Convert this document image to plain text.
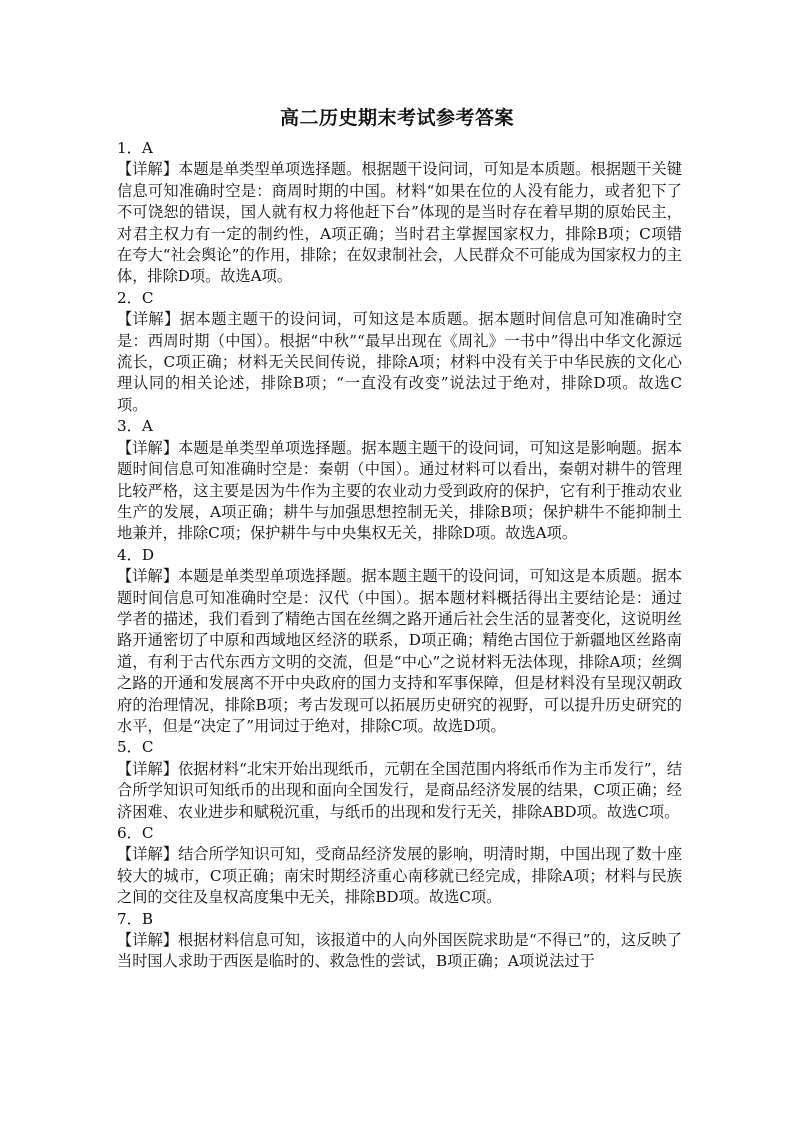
高二历史期末考试参考答案

1．A

【详解】本题是单类型单项选择题。根据题干设问词，可知是本质题。根据题干关键信息可知准确时空是：商周时期的中国。材料“如果在位的人没有能力，或者犯下了不可饶恕的错误，国人就有权力将他赶下台”体现的是当时存在着早期的原始民主，对君主权力有一定的制约性，A项正确；当时君主掌握国家权力，排除B项；C项错在夸大“社会舆论”的作用，排除；在奴隶制社会，人民群众不可能成为国家权力的主体，排除D项。故选A项。

2．C

【详解】据本题主题干的设问词，可知这是本质题。据本题时间信息可知准确时空是：西周时期（中国）。根据“中秋”“最早出现在《周礼》一书中”得出中华文化源远流长，C项正确；材料无关民间传说，排除A项；材料中没有关于中华民族的文化心理认同的相关论述，排除B项；“一直没有改变”说法过于绝对，排除D项。故选C项。

3．A

【详解】本题是单类型单项选择题。据本题主题干的设问词，可知这是影响题。据本题时间信息可知准确时空是：秦朝（中国）。通过材料可以看出，秦朝对耕牛的管理比较严格，这主要是因为牛作为主要的农业动力受到政府的保护，它有利于推动农业生产的发展，A项正确；耕牛与加强思想控制无关，排除B项；保护耕牛不能抑制土地兼并，排除C项；保护耕牛与中央集权无关，排除D项。故选A项。

4．D

【详解】本题是单类型单项选择题。据本题主题干的设问词，可知这是本质题。据本题时间信息可知准确时空是：汉代（中国）。据本题材料概括得出主要结论是：通过学者的描述，我们看到了精绝古国在丝绸之路开通后社会生活的显著变化，这说明丝路开通密切了中原和西域地区经济的联系，D项正确；精绝古国位于新疆地区丝路南道，有利于古代东西方文明的交流，但是“中心”之说材料无法体现，排除A项；丝绸之路的开通和发展离不开中央政府的国力支持和军事保障，但是材料没有呈现汉朝政府的治理情况，排除B项；考古发现可以拓展历史研究的视野，可以提升历史研究的水平，但是“决定了”用词过于绝对，排除C项。故选D项。

5．C

【详解】依据材料“北宋开始出现纸币，元朝在全国范围内将纸币作为主币发行”，结合所学知识可知纸币的出现和面向全国发行，是商品经济发展的结果，C项正确；经济困难、农业进步和赋税沉重，与纸币的出现和发行无关，排除ABD项。故选C项。

6．C

【详解】结合所学知识可知，受商品经济发展的影响，明清时期，中国出现了数十座较大的城市，C项正确；南宋时期经济重心南移就已经完成，排除A项；材料与民族之间的交往及皇权高度集中无关，排除BD项。故选C项。

7．B

【详解】根据材料信息可知，该报道中的人向外国医院求助是“不得已”的，这反映了当时国人求助于西医是临时的、救急性的尝试，B项正确；A项说法过于
